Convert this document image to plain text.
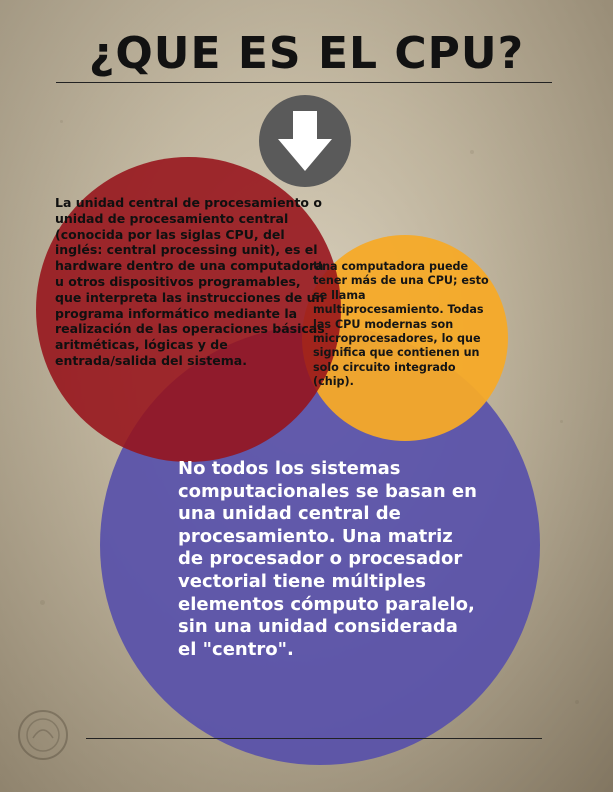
¿QUE ES EL CPU?

La unidad central de procesamiento o unidad de procesamiento central (conocida por las siglas CPU, del inglés: central processing unit), es el hardware dentro de una computadora u otros dispositivos programables, que interpreta las instrucciones de un programa informático mediante la realización de las operaciones básicas aritméticas, lógicas y de entrada/salida del sistema.

Una computadora puede tener más de una CPU; esto se llama multiprocesamiento. Todas las CPU modernas son microprocesadores, lo que significa que contienen un solo circuito integrado (chip).

No todos los sistemas computacionales se basan en una unidad central de procesamiento. Una matriz de procesador o procesador vectorial tiene múltiples elementos cómputo paralelo, sin una unidad considerada el "centro".
